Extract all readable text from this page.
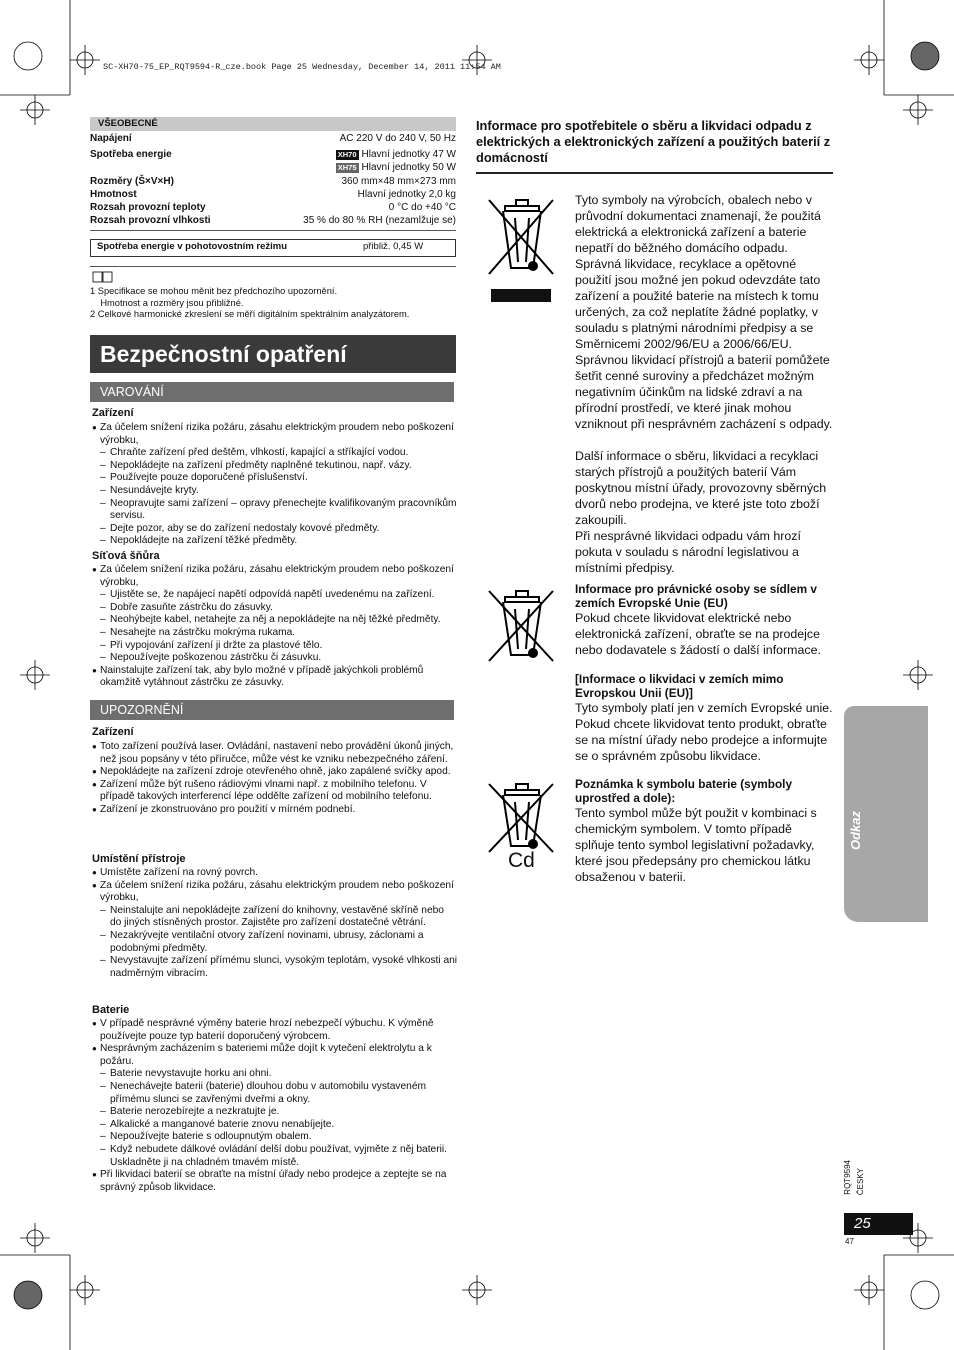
SC-XH70-75_EP_RQT9594-R_cze.book Page 25 Wednesday, December 14, 2011 11:54 AM
VŠEOBECNÉ
Napájení	AC 220 V do 240 V, 50 Hz
Spotřeba energie	XH70 Hlavní jednotky 47 W
XH75 Hlavní jednotky 50 W
Rozměry (Š×V×H)	360 mm×48 mm×273 mm
Hmotnost	Hlavní jednotky 2,0 kg
Rozsah provozní teploty	0 °C do +40 °C
Rozsah provozní vlhkosti	35 % do 80 % RH (nezamlžuje se)
Spotřeba energie v pohotovostním režimu	přibliž. 0,45 W
1 Specifikace se mohou měnit bez předchozího upozornění.
Hmotnost a rozměry jsou přibližné.
2 Celkové harmonické zkreslení se měří digitálním spektrálním analyzátorem.
Bezpečnostní opatření
VAROVÁNÍ
Zařízení
● Za účelem snížení rizika požáru, zásahu elektrickým proudem nebo poškození výrobku,
– Chraňte zařízení před deštěm, vlhkostí, kapající a stříkající vodou.
– Nepokládejte na zařízení předměty naplněné tekutinou, např. vázy.
– Používejte pouze doporučené příslušenství.
– Nesundávejte kryty.
– Neopravujte sami zařízení – opravy přenechejte kvalifikovaným pracovníkům servisu.
– Dejte pozor, aby se do zařízení nedostaly kovové předměty.
– Nepokládejte na zařízení těžké předměty.
Síťová šňůra
● Za účelem snížení rizika požáru, zásahu elektrickým proudem nebo poškození výrobku,
– Ujistěte se, že napájecí napětí odpovídá napětí uvedenému na zařízení.
– Dobře zasuňte zástrčku do zásuvky.
– Neohýbejte kabel, netahejte za něj a nepokládejte na něj těžké předměty.
– Nesahejte na zástrčku mokrýma rukama.
– Při vypojování zařízení ji držte za plastové tělo.
– Nepoužívejte poškozenou zástrčku či zásuvku.
● Nainstalujte zařízení tak, aby bylo možné v případě jakýchkoli problémů okamžitě vytáhnout zástrčku ze zásuvky.
UPOZORNĚNÍ
Zařízení
● Toto zařízení používá laser. Ovládání, nastavení nebo provádění úkonů jiných, než jsou popsány v této příručce, může vést ke vzniku nebezpečného záření.
● Nepokládejte na zařízení zdroje otevřeného ohně, jako zapálené svíčky apod.
● Zařízení může být rušeno rádiovými vlnami např. z mobilního telefonu. V případě takových interferencí lépe oddělte zařízení od mobilního telefonu.
● Zařízení je zkonstruováno pro použití v mírném podnebí.
Umístění přístroje
● Umístěte zařízení na rovný povrch.
● Za účelem snížení rizika požáru, zásahu elektrickým proudem nebo poškození výrobku,
– Neinstalujte ani nepokládejte zařízení do knihovny, vestavěné skříně nebo do jiných stísněných prostor. Zajistěte pro zařízení dostatečné větrání.
– Nezakrývejte ventilační otvory zařízení novinami, ubrusy, záclonami a podobnými předměty.
– Nevystavujte zařízení přímému slunci, vysokým teplotám, vysoké vlhkosti ani nadměrným vibracím.
Baterie
● V případě nesprávné výměny baterie hrozí nebezpečí výbuchu. K výměně používejte pouze typ baterií doporučený výrobcem.
● Nesprávným zacházením s bateriemi může dojít k vytečení elektrolytu a k požáru.
– Baterie nevystavujte horku ani ohni.
– Nenechávejte baterii (baterie) dlouhou dobu v automobilu vystaveném přímému slunci se zavřenými dveřmi a okny.
– Baterie nerozebírejte a nezkratujte je.
– Alkalické a manganové baterie znovu nenabíjejte.
– Nepoužívejte baterie s odloupnutým obalem.
– Když nebudete dálkové ovládání delší dobu používat, vyjměte z něj baterii. Uskladněte ji na chladném tmavém místě.
● Při likvidaci baterií se obraťte na místní úřady nebo prodejce a zeptejte se na správný způsob likvidace.
Informace pro spotřebitele o sběru a likvidaci odpadu z elektrických a elektronických zařízení a použitých baterií z domácností
Tyto symboly na výrobcích, obalech nebo v průvodní dokumentaci znamenají, že použitá elektrická a elektronická zařízení a baterie nepatří do běžného domácího odpadu.
Správná likvidace, recyklace a opětovné použití jsou možné jen pokud odevzdáte tato zařízení a použité baterie na místech k tomu určených, za což neplatíte žádné poplatky, v souladu s platnými národními předpisy a se Směrnicemi 2002/96/EU a 2006/66/EU.
Správnou likvidací přístrojů a baterií pomůžete šetřit cenné suroviny a předcházet možným negativním účinkům na lidské zdraví a na přírodní prostředí, ve které jinak mohou vzniknout při nesprávném zacházení s odpady.
Další informace o sběru, likvidaci a recyklaci starých přístrojů a použitých baterií Vám poskytnou místní úřady, provozovny sběrných dvorů nebo prodejna, ve které jste toto zboží zakoupili.
Při nesprávné likvidaci odpadu vám hrozí pokuta v souladu s národní legislativou a místními předpisy.
Informace pro právnické osoby se sídlem v zemích Evropské Unie (EU)
Pokud chcete likvidovat elektrické nebo elektronická zařízení, obraťte se na prodejce nebo dodavatele s žádostí o další informace.
[Informace o likvidaci v zemích mimo Evropskou Unii (EU)]
Tyto symboly platí jen v zemích Evropské unie. Pokud chcete likvidovat tento produkt, obraťte se na místní úřady nebo prodejce a informujte se o správném způsobu likvidace.
Cd
Poznámka k symbolu baterie (symboly uprostřed a dole):
Tento symbol může být použit v kombinaci s chemickým symbolem. V tomto případě splňuje tento symbol legislativní požadavky, které jsou předepsány pro chemickou látku obsaženou v baterii.
Odkaz
RQT9594 ČESKY
25
47
